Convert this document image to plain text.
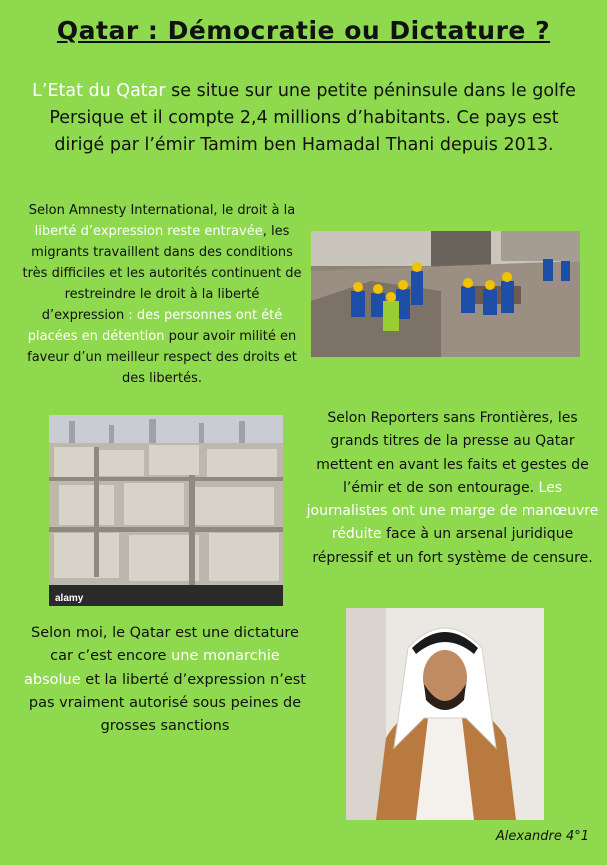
Qatar : Démocratie ou Dictature ?
L’Etat du Qatar se situe sur une petite péninsule dans le golfe Persique et il compte 2,4 millions d’habitants. Ce pays est dirigé par l’émir Tamim ben Hamadal Thani depuis 2013.
Selon Amnesty International, le droit à la liberté d’expression reste entravée, les migrants travaillent dans des conditions très difficiles et les autorités continuent de restreindre le droit à la liberté d’expression : des personnes ont été placées en détention pour avoir milité en faveur d’un meilleur respect des droits et des libertés.
alamy
Selon Reporters sans Frontières, les grands titres de la presse au Qatar mettent en avant les faits et gestes de l’émir et de son entourage. Les journalistes ont une marge de manœuvre réduite face à un arsenal juridique répressif et un fort système de censure.
Selon moi, le Qatar est une dictature car c’est encore une monarchie absolue et la liberté d’expression n’est pas vraiment autorisé sous peines de grosses sanctions
Alexandre 4°1
